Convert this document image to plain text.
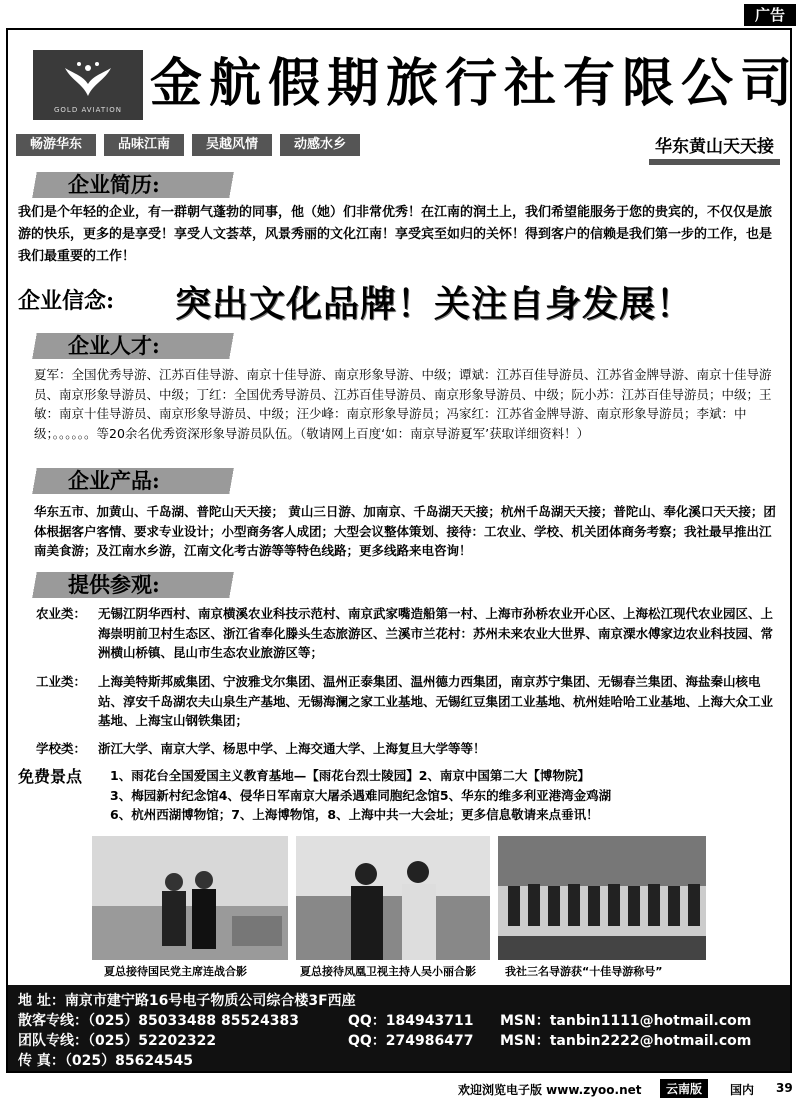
广告
GOLD AVIATION 金航假期旅行社有限公司
畅游华东	品味江南	吴越风情	动感水乡	华东黄山天天接
企业简历:
我们是个年轻的企业，有一群朝气蓬勃的同事，他（她）们非常优秀！在江南的润土上，我们希望能服务于您的贵宾的，不仅仅是旅游的快乐，更多的是享受！享受人文荟萃，风景秀丽的文化江南！享受宾至如归的关怀！得到客户的信赖是我们第一步的工作，也是我们最重要的工作！
企业信念: 突出文化品牌！关注自身发展！
企业人才:
夏军：全国优秀导游、江苏百佳导游、南京十佳导游、南京形象导游、中级；谭斌：江苏百佳导游员、江苏省金牌导游、南京十佳导游员、南京形象导游员、中级；丁红：全国优秀导游员、江苏百佳导游员、南京形象导游员、中级；阮小苏：江苏百佳导游员；中级；王敏：南京十佳导游员、南京形象导游员、中级；汪少峰：南京形象导游员；冯家红：江苏省金牌导游、南京形象导游员；李斌：中级；。。。。。。等20余名优秀资深形象导游员队伍。（敬请网上百度‘如：南京导游夏军’获取详细资料！）
企业产品:
华东五市、加黄山、千岛湖、普陀山天天接； 黄山三日游、加南京、千岛湖天天接；杭州千岛湖天天接；普陀山、奉化溪口天天接；团体根据客户客情、要求专业设计；小型商务客人成团；大型会议整体策划、接待：工农业、学校、机关团体商务考察；我社最早推出江南美食游；及江南水乡游，江南文化考古游等等特色线路；更多线路来电咨询！
提供参观:
农业类： 无锡江阴华西村、南京横溪农业科技示范村、南京武家嘴造船第一村、上海市孙桥农业开心区、上海松江现代农业园区、上海崇明前卫村生态区、浙江省奉化滕头生态旅游区、兰溪市兰花村：苏州未来农业大世界、南京溧水傅家边农业科技园、常洲横山桥镇、昆山市生态农业旅游区等；
工业类： 上海美特斯邦威集团、宁波雅戈尔集团、温州正泰集团、温州德力西集团，南京苏宁集团、无锡春兰集团、海盐秦山核电站、淳安千岛湖农夫山泉生产基地、无锡海澜之家工业基地、无锡红豆集团工业基地、杭州娃哈哈工业基地、上海大众工业基地、上海宝山钢铁集团；
学校类： 浙江大学、南京大学、杨思中学、上海交通大学、上海复旦大学等等！
免费景点 1、雨花台全国爱国主义教育基地—【雨花台烈士陵园】2、南京中国第二大【博物院】
3、梅园新村纪念馆4、侵华日军南京大屠杀遇难同胞纪念馆5、华东的维多利亚港湾金鸡湖
6、杭州西湖博物馆；7、上海博物馆，8、上海中共一大会址；更多信息敬请来点垂讯！
夏总接待国民党主席连战合影	夏总接待凤凰卫视主持人吴小丽合影	我社三名导游获“十佳导游称号”
地 址：南京市建宁路16号电子物质公司综合楼3F西座
散客专线：（025）85033488 85524383	QQ：184943711 MSN：tanbin1111@hotmail.com
团队专线：（025）52202322	QQ：274986477 MSN：tanbin2222@hotmail.com
传 真：（025）85624545
欢迎浏览电子版 www.zyoo.net	云南版	国内 39
